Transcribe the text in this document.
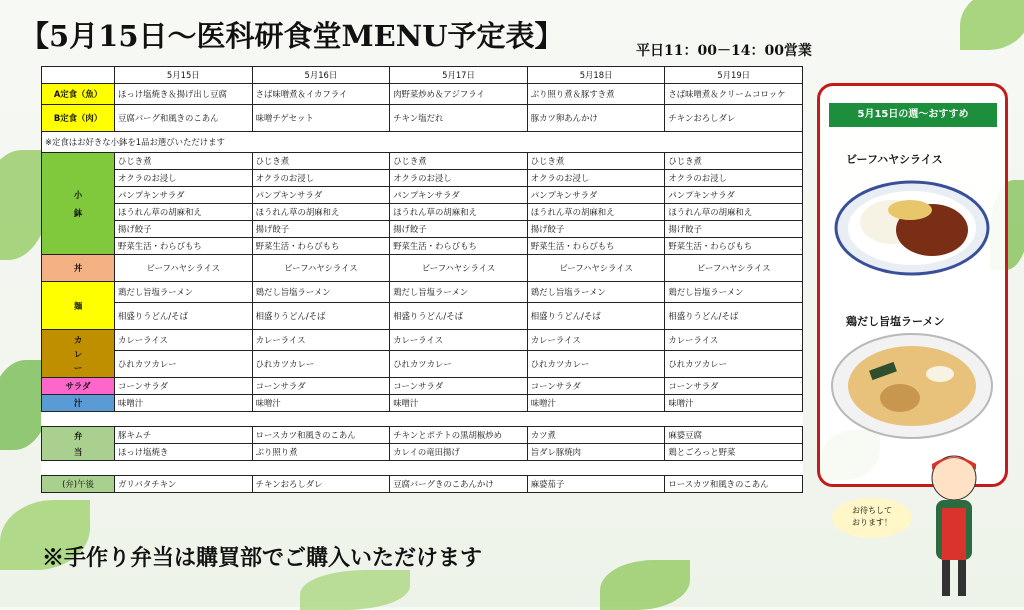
【5月15日～医科研食堂MENU予定表】	平日11：00－14：00営業
	5月15日	5月16日	5月17日	5月18日	5月19日
A定食（魚）	ほっけ塩焼き＆揚げ出し豆腐	さば味噌煮＆イカフライ	肉野菜炒め＆アジフライ	ぶり照り煮＆豚すき煮	さば味噌煮＆クリームコロッケ
B定食（肉）	豆腐バーグ和風きのこあん	味噌チゲセット	チキン塩だれ	豚カツ卵あんかけ	チキンおろしダレ
※定食はお好きな小鉢を1品お選びいただけます					

小
鉢	ひじき煮	ひじき煮	ひじき煮	ひじき煮	ひじき煮
	オクラのお浸し	オクラのお浸し	オクラのお浸し	オクラのお浸し	オクラのお浸し
	パンプキンサラダ	パンプキンサラダ	パンプキンサラダ	パンプキンサラダ	パンプキンサラダ
	ほうれん草の胡麻和え	ほうれん草の胡麻和え	ほうれん草の胡麻和え	ほうれん草の胡麻和え	ほうれん草の胡麻和え
	揚げ餃子	揚げ餃子	揚げ餃子	揚げ餃子	揚げ餃子
	野菜生活・わらびもち	野菜生活・わらびもち	野菜生活・わらびもち	野菜生活・わらびもち	野菜生活・わらびもち
丼	ビーフハヤシライス	ビーフハヤシライス	ビーフハヤシライス	ビーフハヤシライス	ビーフハヤシライス
麺	鶏だし旨塩ラーメン	鶏だし旨塩ラーメン	鶏だし旨塩ラーメン	鶏だし旨塩ラーメン	鶏だし旨塩ラーメン
	相盛りうどん/そば	相盛りうどん/そば	相盛りうどん/そば	相盛りうどん/そば	相盛りうどん/そば

カ
レ
ー	カレーライス	カレーライス	カレーライス	カレーライス	カレーライス
	ひれカツカレー	ひれカツカレー	ひれカツカレー	ひれカツカレー	ひれカツカレー
サラダ	コーンサラダ	コーンサラダ	コーンサラダ	コーンサラダ	コーンサラダ
汁	味噌汁	味噌汁	味噌汁	味噌汁	味噌汁

弁
当	豚キムチ	ロースカツ和風きのこあん	チキンとポテトの黒胡椒炒め	カツ煮	麻婆豆腐
	ほっけ塩焼き	ぶり照り煮	カレイの竜田揚げ	旨ダレ豚焼肉	鶏とごろっと野菜

(弁)午後	ガリバタチキン	チキンおろしダレ	豆腐バーグきのこあんかけ	麻婆茄子	ロースカツ和風きのこあん
※手作り弁当は購買部でご購入いただけます
5月15日の週～おすすめ
ビーフハヤシライス
鶏だし旨塩ラーメン
お待ちして
おります！
